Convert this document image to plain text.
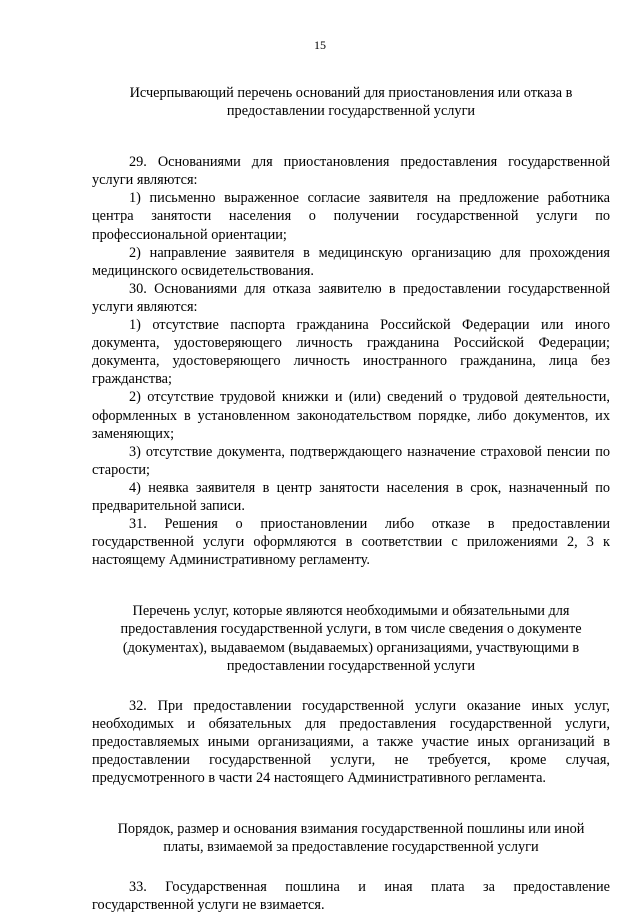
15

Исчерпывающий перечень оснований для приостановления или отказа в предоставлении государственной услуги

29. Основаниями для приостановления предоставления государственной услуги являются:

1) письменно выраженное согласие заявителя на предложение работника центра занятости населения о получении государственной услуги по профессиональной ориентации;

2) направление заявителя в медицинскую организацию для прохождения медицинского освидетельствования.

30. Основаниями для отказа заявителю в предоставлении государственной услуги являются:

1) отсутствие паспорта гражданина Российской Федерации или иного документа, удостоверяющего личность гражданина Российской Федерации; документа, удостоверяющего личность иностранного гражданина, лица без гражданства;

2) отсутствие трудовой книжки и (или) сведений о трудовой деятельности, оформленных в установленном законодательством порядке, либо документов, их заменяющих;

3) отсутствие документа, подтверждающего назначение страховой пенсии по старости;

4) неявка заявителя в центр занятости населения в срок, назначенный по предварительной записи.

31. Решения о приостановлении либо отказе в предоставлении государственной услуги оформляются в соответствии с приложениями 2, 3 к настоящему Административному регламенту.

Перечень услуг, которые являются необходимыми и обязательными для предоставления государственной услуги, в том числе сведения о документе (документах), выдаваемом (выдаваемых) организациями, участвующими в предоставлении государственной услуги

32. При предоставлении государственной услуги оказание иных услуг, необходимых и обязательных для предоставления государственной услуги, предоставляемых иными организациями, а также участие иных организаций в предоставлении государственной услуги, не требуется, кроме случая, предусмотренного в части 24 настоящего Административного регламента.

Порядок, размер и основания взимания государственной пошлины или иной платы, взимаемой за предоставление государственной услуги

33. Государственная пошлина и иная плата за предоставление государственной услуги не взимается.
